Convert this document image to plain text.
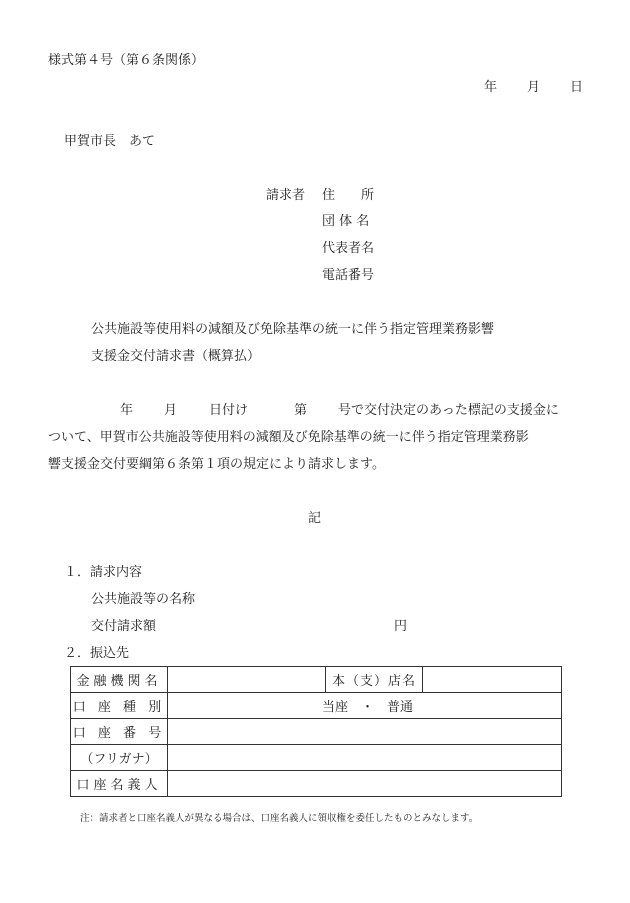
様式第４号（第６条関係）
年 月 日
甲賀市長　あて
請求者 住　　所
団 体 名
代表者名
電話番号
公共施設等使用料の減額及び免除基準の統一に伴う指定管理業務影響
支援金交付請求書（概算払）
年 月 日付け	第 号で交付決定のあった標記の支援金に
ついて、甲賀市公共施設等使用料の減額及び免除基準の統一に伴う指定管理業務影
響支援金交付要綱第６条第１項の規定により請求します。
記
１．請求内容
公共施設等の名称
交付請求額	円
２．振込先
金融機関名		本（支）店名	
口 座 種 別	当座　・　普通		
口 座 番 号			
（フリガナ）			
口座名義人			
注：請求者と口座名義人が異なる場合は、口座名義人に領収権を委任したものとみなします。
